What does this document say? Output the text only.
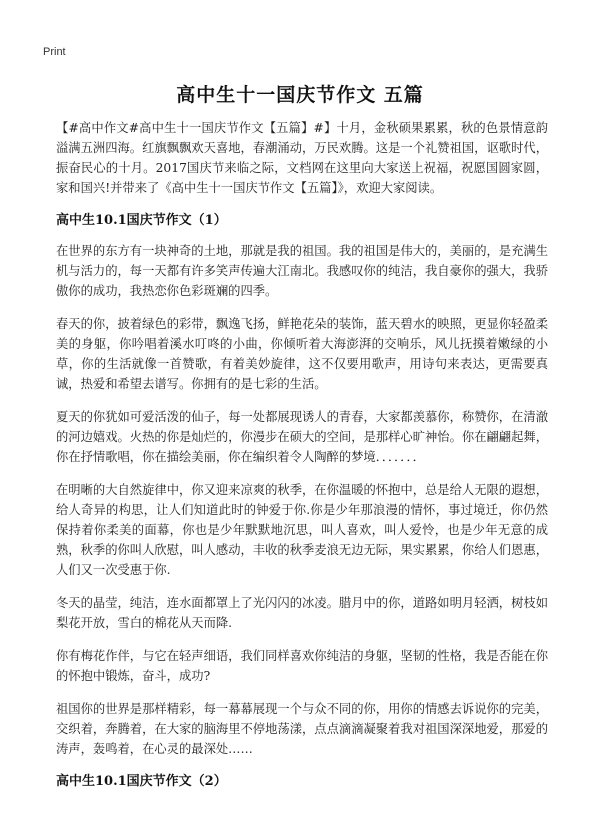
Print
高中生十一国庆节作文 五篇

【#高中作文#高中生十一国庆节作文【五篇】#】十月，金秋硕果累累，秋的色景情意韵溢满五洲四海。红旗飘飘欢天喜地，春潮涌动，万民欢腾。这是一个礼赞祖国，讴歌时代，振奋民心的十月。2017国庆节来临之际，文档网在这里向大家送上祝福，祝愿国圆家圆，家和国兴!并带来了《高中生十一国庆节作文【五篇】》，欢迎大家阅读。

高中生10.1国庆节作文（1）

在世界的东方有一块神奇的土地，那就是我的祖国。我的祖国是伟大的，美丽的，是充满生机与活力的，每一天都有许多笑声传遍大江南北。我感叹你的纯洁，我自豪你的强大，我骄傲你的成功，我热恋你色彩斑斓的四季。

春天的你，披着绿色的彩带，飘逸飞扬，鲜艳花朵的装饰，蓝天碧水的映照，更显你轻盈柔美的身躯，你吟唱着溪水叮咚的小曲，你倾听着大海澎湃的交响乐，风儿抚摸着嫩绿的小草，你的生活就像一首赞歌，有着美妙旋律，这不仅要用歌声，用诗句来表达，更需要真诚，热爱和希望去谱写。你拥有的是七彩的生活。

夏天的你犹如可爱活泼的仙子，每一处都展现诱人的青春，大家都羡慕你，称赞你，在清澈的河边嬉戏。火热的你是灿烂的，你漫步在硕大的空间，是那样心旷神怡。你在翩翩起舞，你在抒情歌唱，你在描绘美丽，你在编织着令人陶醉的梦境．．．．．．．

在明晰的大自然旋律中，你又迎来凉爽的秋季，在你温暖的怀抱中，总是给人无限的遐想，给人奇异的构思，让人们知道此时的钟爱于你.你是少年那浪漫的情怀，事过境迁，你仍然保持着你柔美的面幕，你也是少年默默地沉思，叫人喜欢，叫人爱怜，也是少年无意的成熟，秋季的你叫人欣慰，叫人感动，丰收的秋季麦浪无边无际，果实累累，你给人们恩惠，人们又一次受惠于你.

冬天的晶莹，纯洁，连水面都罩上了光闪闪的冰凌。腊月中的你，道路如明月轻洒，树枝如梨花开放，雪白的棉花从天而降.

你有梅花作伴，与它在轻声细语，我们同样喜欢你纯洁的身躯，坚韧的性格，我是否能在你的怀抱中锻炼，奋斗，成功?

祖国你的世界是那样精彩，每一幕幕展现一个与众不同的你，用你的情感去诉说你的完美，交织着，奔腾着，在大家的脑海里不停地荡漾，点点滴滴凝聚着我对祖国深深地爱，那爱的涛声，轰鸣着，在心灵的最深处……

高中生10.1国庆节作文（2）
